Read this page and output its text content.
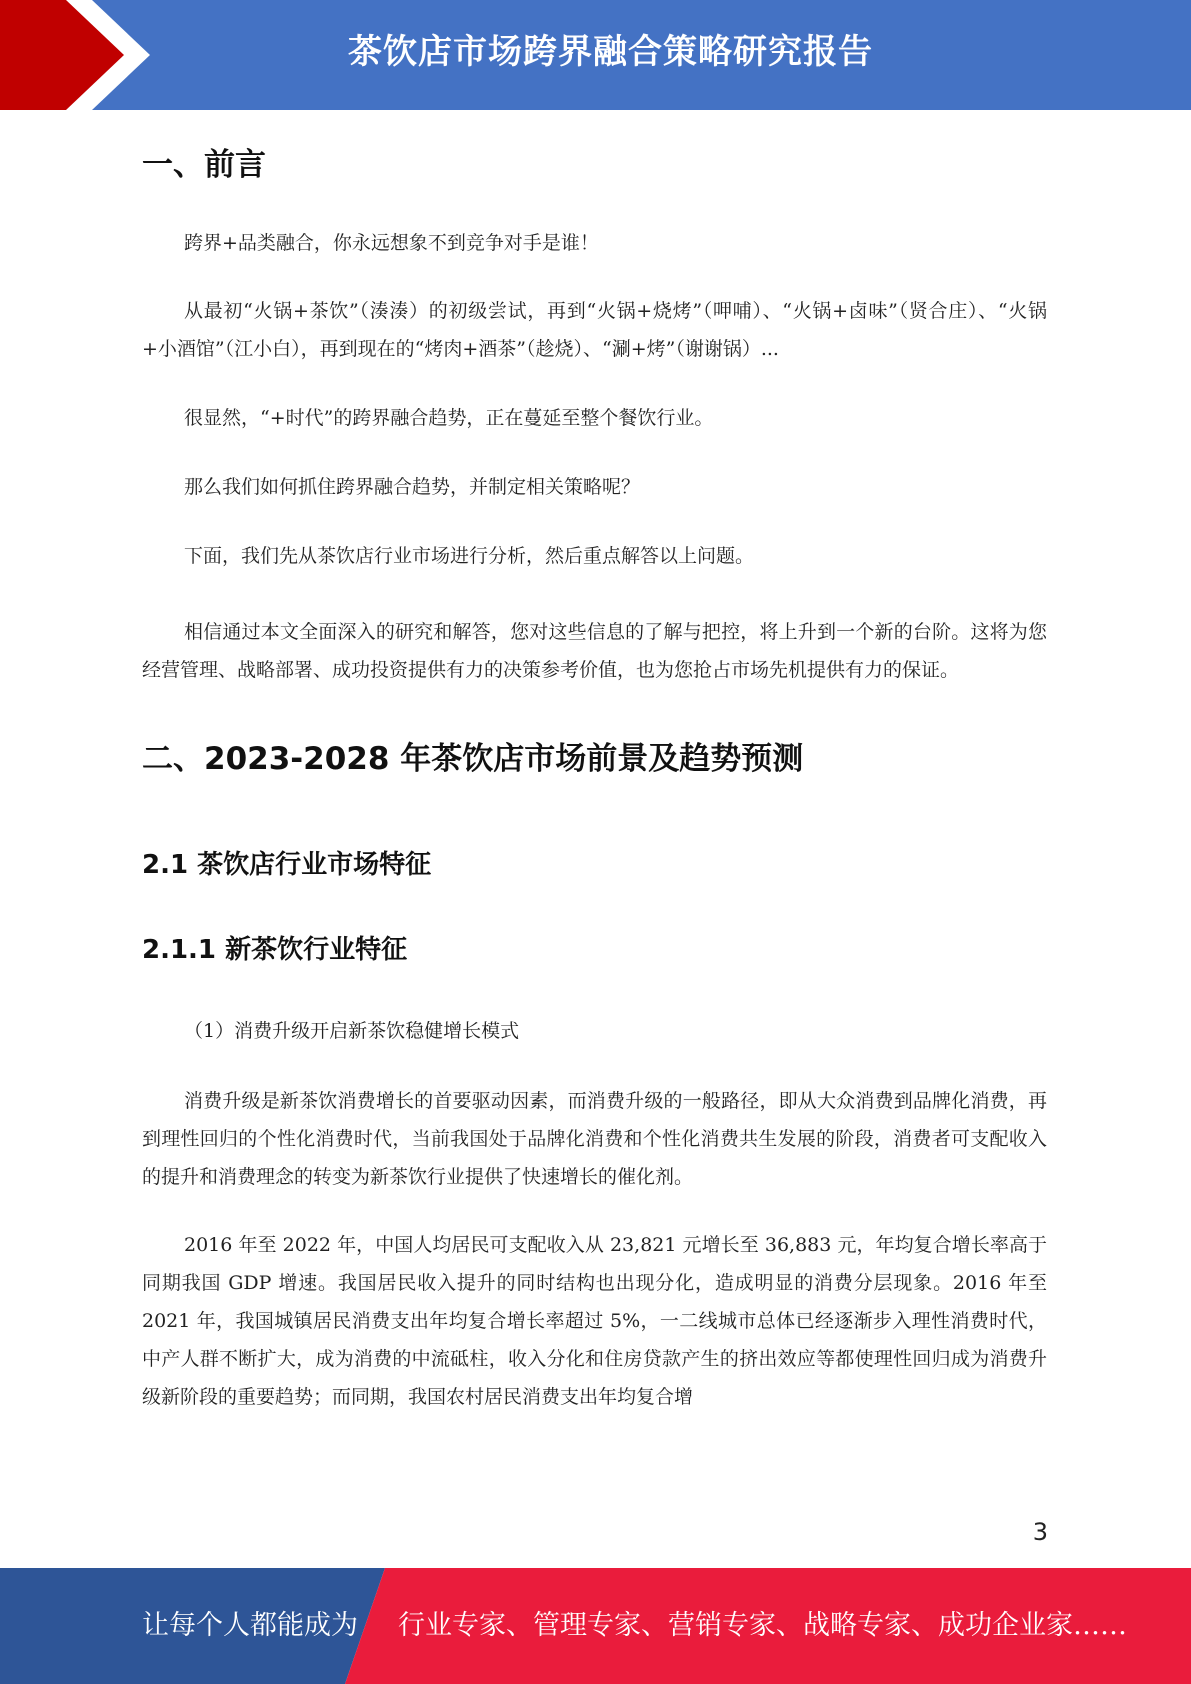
茶饮店市场跨界融合策略研究报告
一、前言

跨界+品类融合，你永远想象不到竞争对手是谁！

从最初“火锅+茶饮”（湊湊）的初级尝试，再到“火锅+烧烤”（呷哺）、“火锅+卤味”（贤合庄）、“火锅+小酒馆”（江小白），再到现在的“烤肉+酒茶”（趁烧）、“涮+烤”（谢谢锅）...

很显然，“+时代”的跨界融合趋势，正在蔓延至整个餐饮行业。

那么我们如何抓住跨界融合趋势，并制定相关策略呢？

下面，我们先从茶饮店行业市场进行分析，然后重点解答以上问题。

相信通过本文全面深入的研究和解答，您对这些信息的了解与把控，将上升到一个新的台阶。这将为您经营管理、战略部署、成功投资提供有力的决策参考价值，也为您抢占市场先机提供有力的保证。

二、2023-2028 年茶饮店市场前景及趋势预测
2.1 茶饮店行业市场特征
2.1.1 新茶饮行业特征

（1）消费升级开启新茶饮稳健增长模式

消费升级是新茶饮消费增长的首要驱动因素，而消费升级的一般路径，即从大众消费到品牌化消费，再到理性回归的个性化消费时代，当前我国处于品牌化消费和个性化消费共生发展的阶段，消费者可支配收入的提升和消费理念的转变为新茶饮行业提供了快速增长的催化剂。

2016 年至 2022 年，中国人均居民可支配收入从 23,821 元增长至 36,883 元，年均复合增长率高于同期我国 GDP 增速。我国居民收入提升的同时结构也出现分化，造成明显的消费分层现象。2016 年至 2021 年，我国城镇居民消费支出年均复合增长率超过 5%，一二线城市总体已经逐渐步入理性消费时代，中产人群不断扩大，成为消费的中流砥柱，收入分化和住房贷款产生的挤出效应等都使理性回归成为消费升级新阶段的重要趋势；而同期，我国农村居民消费支出年均复合增

3
让每个人都能成为 行业专家、管理专家、营销专家、战略专家、成功企业家……
